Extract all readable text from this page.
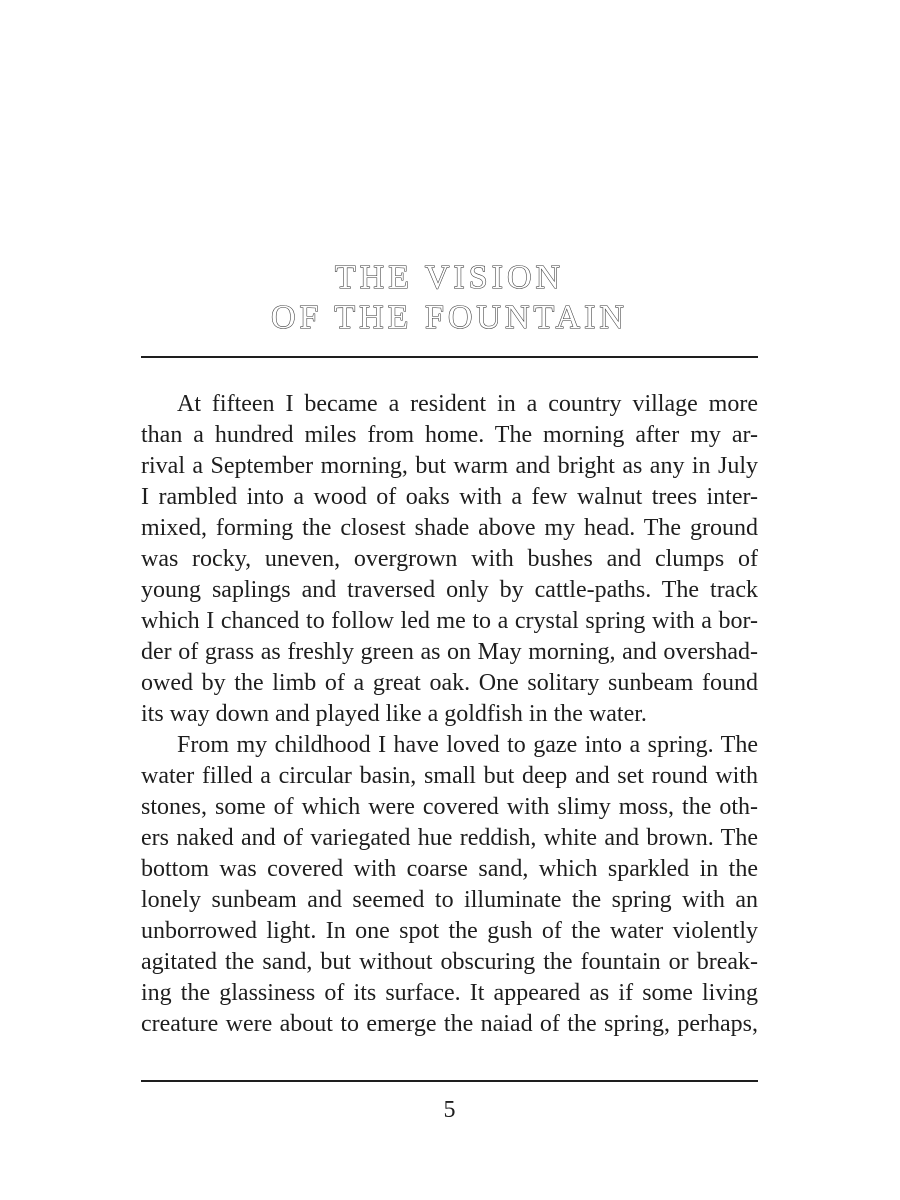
THE VISION
OF THE FOUNTAIN
At fifteen I became a resident in a country village more
than a hundred miles from home. The morning after my ar-
rival a September morning, but warm and bright as any in July
I rambled into a wood of oaks with a few walnut trees inter-
mixed, forming the closest shade above my head. The ground
was rocky, uneven, overgrown with bushes and clumps of
young saplings and traversed only by cattle-paths. The track
which I chanced to follow led me to a crystal spring with a bor-
der of grass as freshly green as on May morning, and overshad-
owed by the limb of a great oak. One solitary sunbeam found
its way down and played like a goldfish in the water.
From my childhood I have loved to gaze into a spring. The
water filled a circular basin, small but deep and set round with
stones, some of which were covered with slimy moss, the oth-
ers naked and of variegated hue reddish, white and brown. The
bottom was covered with coarse sand, which sparkled in the
lonely sunbeam and seemed to illuminate the spring with an
unborrowed light. In one spot the gush of the water violently
agitated the sand, but without obscuring the fountain or break-
ing the glassiness of its surface. It appeared as if some living
creature were about to emerge the naiad of the spring, perhaps,
5
